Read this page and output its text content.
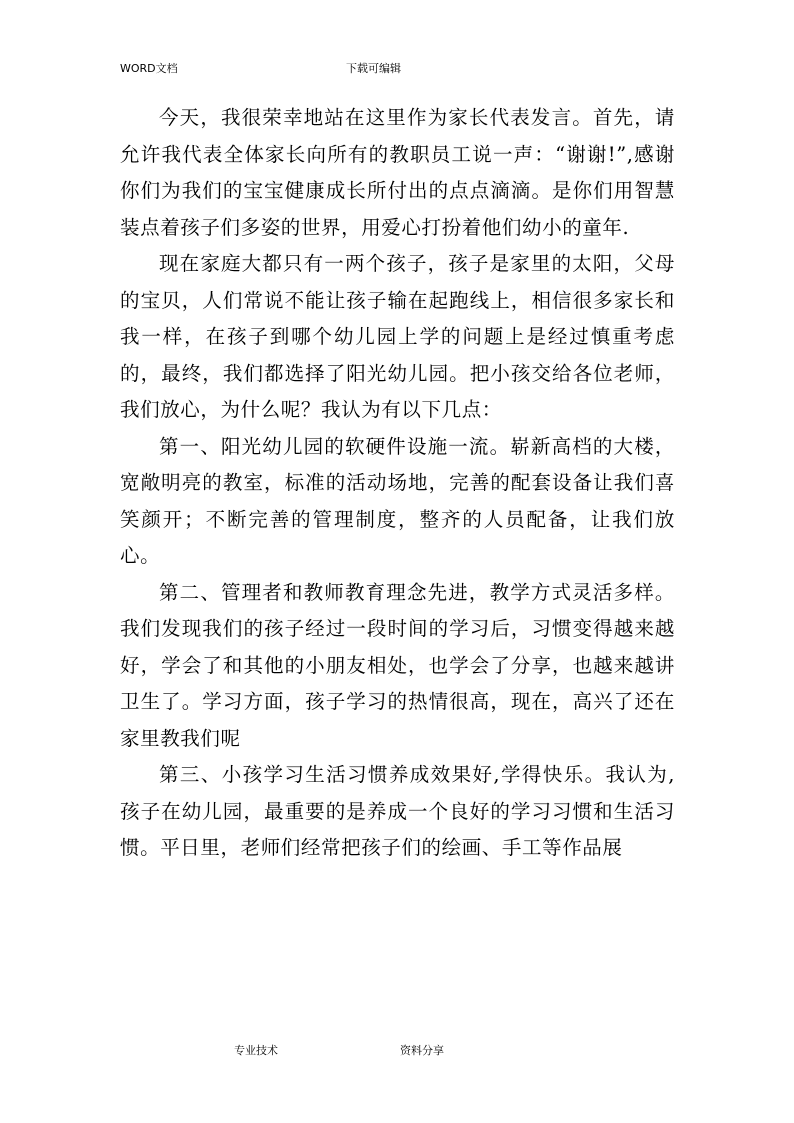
WORD文档	下载可编辑

今天，我很荣幸地站在这里作为家长代表发言。首先，请允许我代表全体家长向所有的教职员工说一声：“谢谢!”,感谢你们为我们的宝宝健康成长所付出的点点滴滴。是你们用智慧装点着孩子们多姿的世界，用爱心打扮着他们幼小的童年.

现在家庭大都只有一两个孩子，孩子是家里的太阳，父母的宝贝，人们常说不能让孩子输在起跑线上，相信很多家长和我一样，在孩子到哪个幼儿园上学的问题上是经过慎重考虑的，最终，我们都选择了阳光幼儿园。把小孩交给各位老师，我们放心，为什么呢？我认为有以下几点：

第一、阳光幼儿园的软硬件设施一流。崭新高档的大楼，宽敞明亮的教室，标准的活动场地，完善的配套设备让我们喜笑颜开；不断完善的管理制度，整齐的人员配备，让我们放心。

第二、管理者和教师教育理念先进，教学方式灵活多样。我们发现我们的孩子经过一段时间的学习后，习惯变得越来越好，学会了和其他的小朋友相处，也学会了分享，也越来越讲卫生了。学习方面，孩子学习的热情很高，现在，高兴了还在家里教我们呢

第三、小孩学习生活习惯养成效果好,学得快乐。我认为,孩子在幼儿园，最重要的是养成一个良好的学习习惯和生活习惯。平日里，老师们经常把孩子们的绘画、手工等作品展

专业技术	资料分享
